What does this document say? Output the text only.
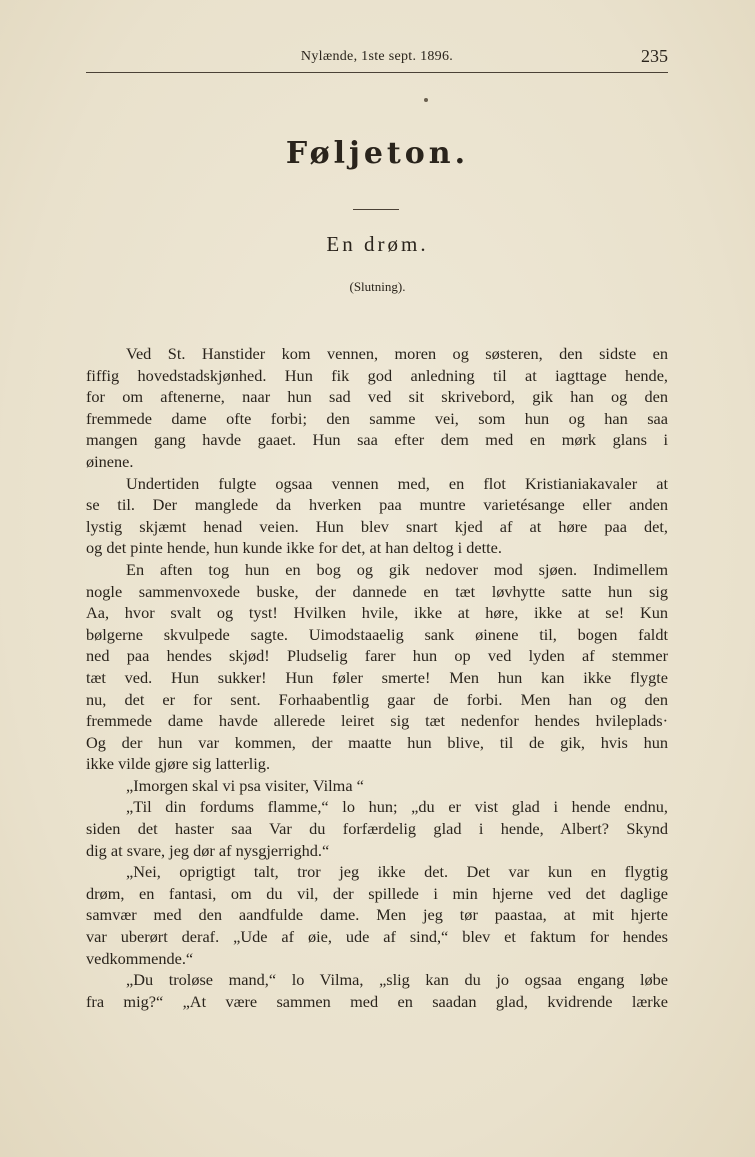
Nylænde, 1ste sept. 1896.	235
Føljeton.
En drøm.
(Slutning).
Ved St. Hanstider kom vennen, moren og søsteren, den sidste en
fiffig hovedstadskjønhed. Hun fik god anledning til at iagttage hende,
for om aftenerne, naar hun sad ved sit skrivebord, gik han og den
fremmede dame ofte forbi; den samme vei, som hun og han saa
mangen gang havde gaaet. Hun saa efter dem med en mørk glans i
øinene.
Undertiden fulgte ogsaa vennen med, en flot Kristianiakavaler at
se til. Der manglede da hverken paa muntre varietésange eller anden
lystig skjæmt henad veien. Hun blev snart kjed af at høre paa det,
og det pinte hende, hun kunde ikke for det, at han deltog i dette.
En aften tog hun en bog og gik nedover mod sjøen. Indimellem
nogle sammenvoxede buske, der dannede en tæt løvhytte satte hun sig
Aa, hvor svalt og tyst! Hvilken hvile, ikke at høre, ikke at se! Kun
bølgerne skvulpede sagte. Uimodstaaelig sank øinene til, bogen faldt
ned paa hendes skjød! Pludselig farer hun op ved lyden af stemmer
tæt ved. Hun sukker! Hun føler smerte! Men hun kan ikke flygte
nu, det er for sent. Forhaabentlig gaar de forbi. Men han og den
fremmede dame havde allerede leiret sig tæt nedenfor hendes hvileplads·
Og der hun var kommen, der maatte hun blive, til de gik, hvis hun
ikke vilde gjøre sig latterlig.
„Imorgen skal vi psa visiter, Vilma “
„Til din fordums flamme,“ lo hun; „du er vist glad i hende endnu,
siden det haster saa Var du forfærdelig glad i hende, Albert? Skynd
dig at svare, jeg dør af nysgjerrighd.“
„Nei, oprigtigt talt, tror jeg ikke det. Det var kun en flygtig
drøm, en fantasi, om du vil, der spillede i min hjerne ved det daglige
samvær med den aandfulde dame. Men jeg tør paastaa, at mit hjerte
var uberørt deraf. „Ude af øie, ude af sind,“ blev et faktum for hendes
vedkommende.“
„Du troløse mand,“ lo Vilma, „slig kan du jo ogsaa engang løbe
fra mig?“ „At være sammen med en saadan glad, kvidrende lærke
